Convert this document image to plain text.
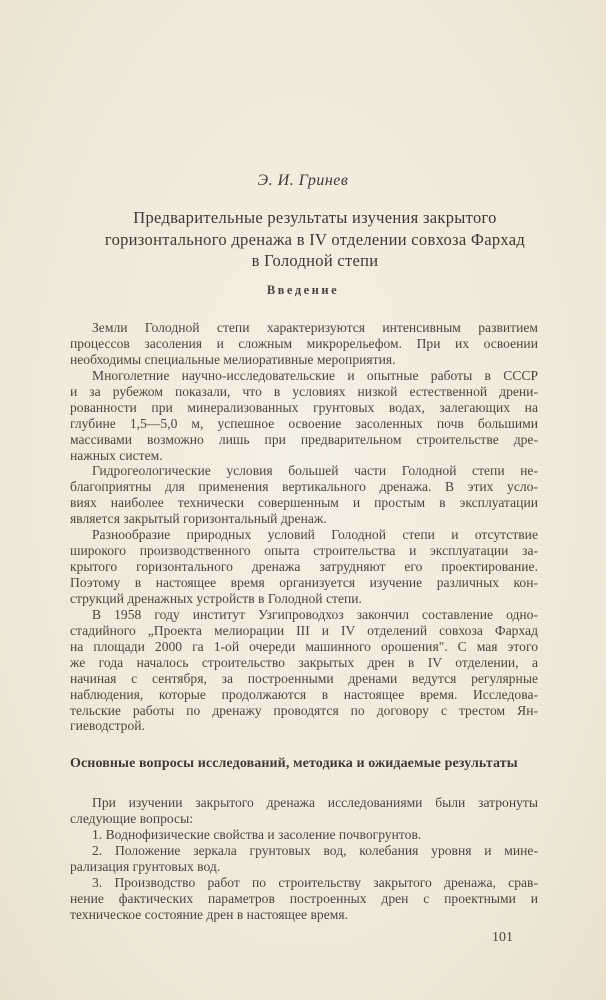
Э. И. Гринев
Предварительные результаты изучения закрытого
горизонтального дренажа в IV отделении совхоза Фархад
в Голодной степи
Введение
Земли Голодной степи характеризуются интенсивным развитием
процессов засоления и сложным микрорельефом. При их освоении
необходимы специальные мелиоративные мероприятия.
Многолетние научно-исследовательские и опытные работы в СССР
и за рубежом показали, что в условиях низкой естественной дрени-
рованности при минерализованных грунтовых водах, залегающих на
глубине 1,5—5,0 м, успешное освоение засоленных почв большими
массивами возможно лишь при предварительном строительстве дре-
нажных систем.
Гидрогеологические условия большей части Голодной степи не-
благоприятны для применения вертикального дренажа. В этих усло-
виях наиболее технически совершенным и простым в эксплуатации
является закрытый горизонтальный дренаж.
Разнообразие природных условий Голодной степи и отсутствие
широкого производственного опыта строительства и эксплуатации за-
крытого горизонтального дренажа затрудняют его проектирование.
Поэтому в настоящее время организуется изучение различных кон-
струкций дренажных устройств в Голодной степи.
В 1958 году институт Узгипроводхоз закончил составление одно-
стадийного „Проекта мелиорации III и IV отделений совхоза Фархад
на площади 2000 га 1-ой очереди машинного орошения". С мая этого
же года началось строительство закрытых дрен в IV отделении, а
начиная с сентября, за построенными дренами ведутся регулярные
наблюдения, которые продолжаются в настоящее время. Исследова-
тельские работы по дренажу проводятся по договору с трестом Ян-
гиеводстрой.
Основные вопросы исследований, методика и ожидаемые результаты
При изучении закрытого дренажа исследованиями были затронуты
следующие вопросы:
1. Воднофизические свойства и засоление почвогрунтов.
2. Положение зеркала грунтовых вод, колебания уровня и мине-
рализация грунтовых вод.
3. Производство работ по строительству закрытого дренажа, срав-
нение фактических параметров построенных дрен с проектными и
техническое состояние дрен в настоящее время.
101
